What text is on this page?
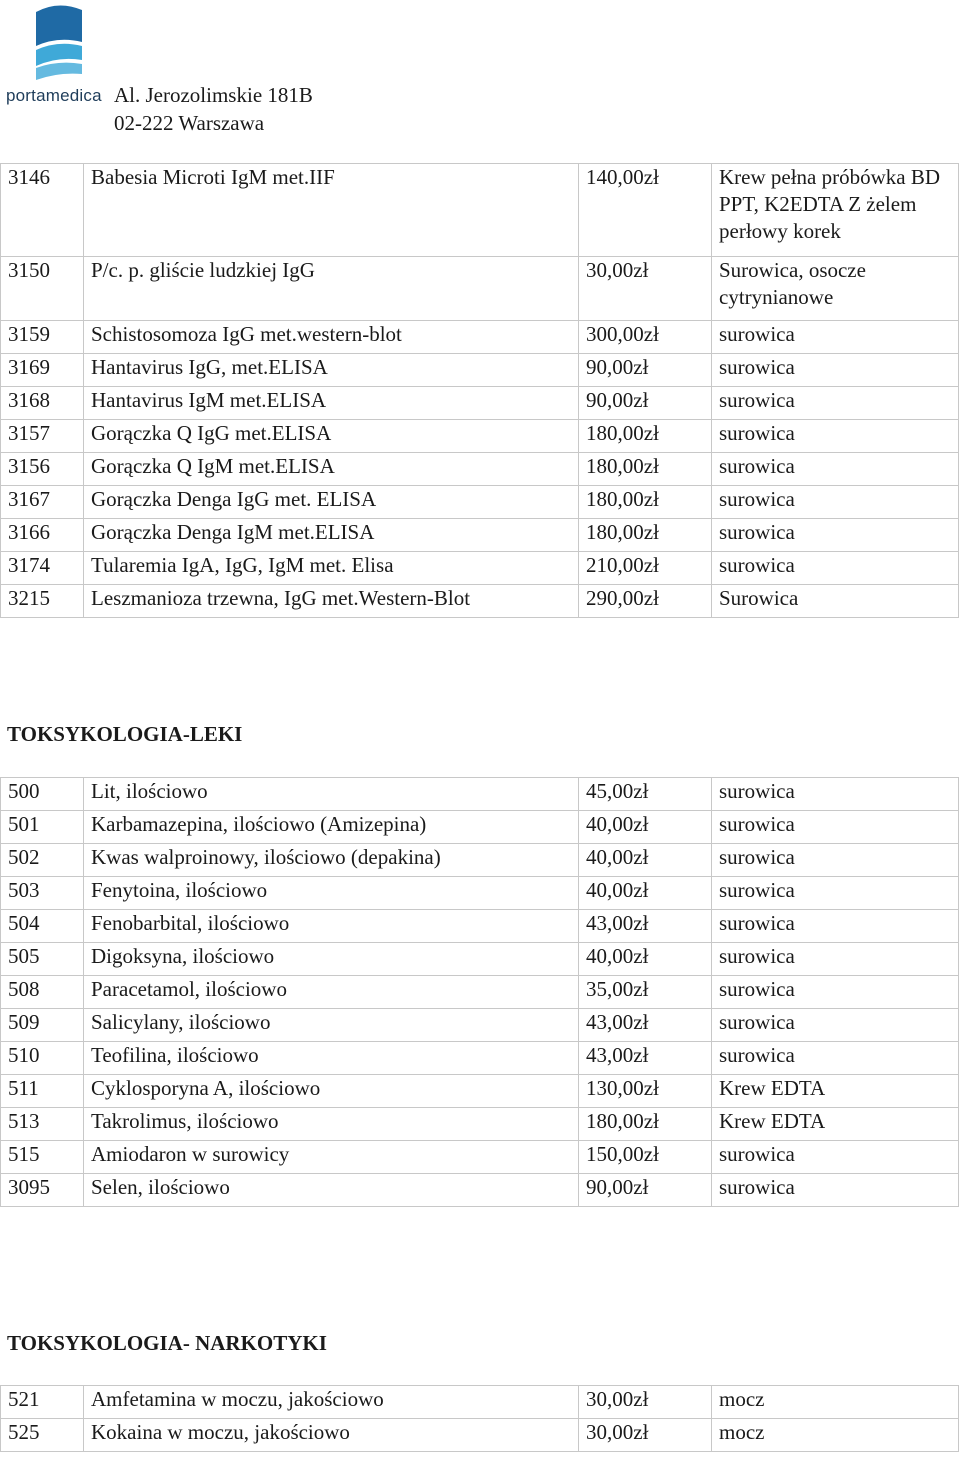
portamedica Al. Jerozolimskie 181B
02-222 Warszawa
3146	Babesia Microti IgM met.IIF	140,00zł	Krew pełna próbówka BD PPT, K2EDTA Z żelem perłowy korek
3150	P/c. p. gliście ludzkiej IgG	30,00zł	Surowica, osocze cytrynianowe
3159	Schistosomoza IgG met.western-blot	300,00zł	surowica
3169	Hantavirus IgG, met.ELISA	90,00zł	surowica
3168	Hantavirus IgM met.ELISA	90,00zł	surowica
3157	Gorączka Q IgG met.ELISA	180,00zł	surowica
3156	Gorączka Q IgM met.ELISA	180,00zł	surowica
3167	Gorączka Denga IgG met. ELISA	180,00zł	surowica
3166	Gorączka Denga IgM met.ELISA	180,00zł	surowica
3174	Tularemia IgA, IgG, IgM met. Elisa	210,00zł	surowica
3215	Leszmanioza trzewna, IgG met.Western-Blot	290,00zł	Surowica
TOKSYKOLOGIA-LEKI
500	Lit, ilościowo	45,00zł	surowica
501	Karbamazepina, ilościowo (Amizepina)	40,00zł	surowica
502	Kwas walproinowy, ilościowo (depakina)	40,00zł	surowica
503	Fenytoina, ilościowo	40,00zł	surowica
504	Fenobarbital, ilościowo	43,00zł	surowica
505	Digoksyna, ilościowo	40,00zł	surowica
508	Paracetamol, ilościowo	35,00zł	surowica
509	Salicylany, ilościowo	43,00zł	surowica
510	Teofilina, ilościowo	43,00zł	surowica
511	Cyklosporyna A, ilościowo	130,00zł	Krew EDTA
513	Takrolimus, ilościowo	180,00zł	Krew EDTA
515	Amiodaron w surowicy	150,00zł	surowica
3095	Selen, ilościowo	90,00zł	surowica
TOKSYKOLOGIA- NARKOTYKI
521	Amfetamina w moczu, jakościowo	30,00zł	mocz
525	Kokaina w moczu, jakościowo	30,00zł	mocz
